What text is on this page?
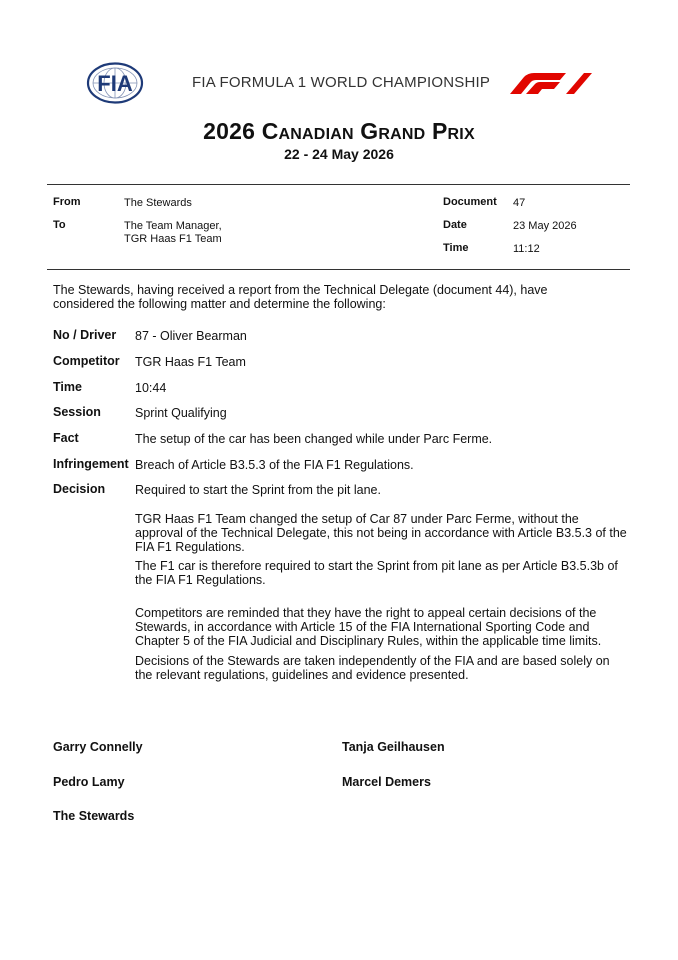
FIA	FIA FORMULA 1 WORLD CHAMPIONSHIP
2026 Canadian Grand Prix
22 - 24 May 2026
From	The Stewards
To	The Team Manager,
TGR Haas F1 Team
Document 47
Date	23 May 2026
Time	11:12
The Stewards, having received a report from the Technical Delegate (document 44), have considered the following matter and determine the following:
No / Driver 87 - Oliver Bearman
Competitor TGR Haas F1 Team
Time	10:44
Session	Sprint Qualifying
Fact	The setup of the car has been changed while under Parc Ferme.
Infringement Breach of Article B3.5.3 of the FIA F1 Regulations.
Decision Required to start the Sprint from the pit lane.
TGR Haas F1 Team changed the setup of Car 87 under Parc Ferme, without the approval of the Technical Delegate, this not being in accordance with Article B3.5.3 of the FIA F1 Regulations.
The F1 car is therefore required to start the Sprint from pit lane as per Article B3.5.3b of the FIA F1 Regulations.
Competitors are reminded that they have the right to appeal certain decisions of the Stewards, in accordance with Article 15 of the FIA International Sporting Code and Chapter 5 of the FIA Judicial and Disciplinary Rules, within the applicable time limits.
Decisions of the Stewards are taken independently of the FIA and are based solely on the relevant regulations, guidelines and evidence presented.
Garry Connelly	Tanja Geilhausen
Pedro Lamy	Marcel Demers
The Stewards
